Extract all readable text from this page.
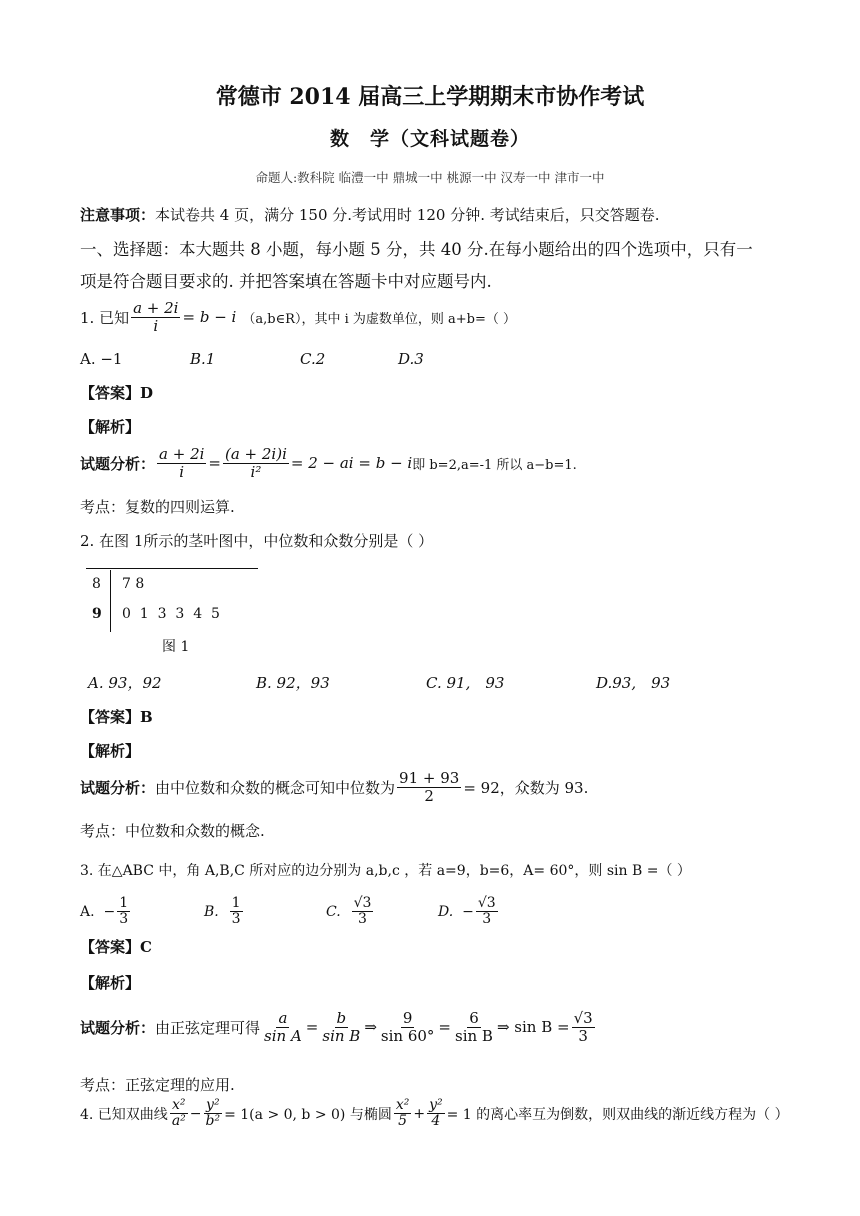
常德市 2014 届高三上学期期末市协作考试
数　学（文科试题卷）
命题人:教科院 临澧一中 鼎城一中 桃源一中 汉寿一中 津市一中
注意事项：本试卷共 4 页，满分 150 分.考试用时 120 分钟. 考试结束后，只交答题卷.
一、选择题：本大题共 8 小题，每小题 5 分，共 40 分.在每小题给出的四个选项中，只有一
项是符合题目要求的. 并把答案填在答题卡中对应题号内.
1. 已知 $\frac{a + 2i}{i} = b - i$ （a,b∈R），其中 i 为虚数单位，则 a+b=（ ）
A. −1	B.1	C.2	D.3
【答案】D
【解析】
试题分析： $\frac{a + 2i}{i} = \frac{(a + 2i)i}{\text{i²}} = 2$ − ai = b − i 即 b=2,a=-1 所以 a−b=1.
考点：复数的四则运算.
2. 在图 1所示的茎叶图中，中位数和众数分别是（ ）
8 7 8
9 0  1  3  3  4  5
图 1
A. 93，92	B. 92，93	C. 91,　93	D.93,　93
【答案】B
【解析】
试题分析： 由中位数和众数的概念可知中位数为 $\frac{91 + 93}{2} = 92$，众数为 93.
考点：中位数和众数的概念.
3. 在△ABC 中，角 A,B,C 所对应的边分别为 a,b,c ，若 a=9，b=6，A= 60°，则 sin B =（ ）
A.
− $\frac{1}{3}$	B.
$\frac{1}{3}$	C.
$\frac{√3}{3}$	D.
− $\frac{√3}{3}$
【答案】C
【解析】
试题分析： 由正弦定理可得 $\frac{a}{\text{sin A}} = \frac{b}{\text{sin B}}$ ⇒ $\frac{9}{\sin 60^\circ} = \frac{6}{\text{sin B}}$ ⇒ $\sin B = \frac{√3}{3}$
考点：正弦定理的应用.
4. 已知双曲线 $\frac{\text{x²}}{\text{a²}} - \frac{\text{y²}}{\text{b²}} = 1(a > 0$, b > 0) 与椭圆 $\frac{\text{x²}}{5} + \frac{\text{y²}}{4} = 1$ 的离心率互为倒数，则双曲线的渐近线方程为（ ）
